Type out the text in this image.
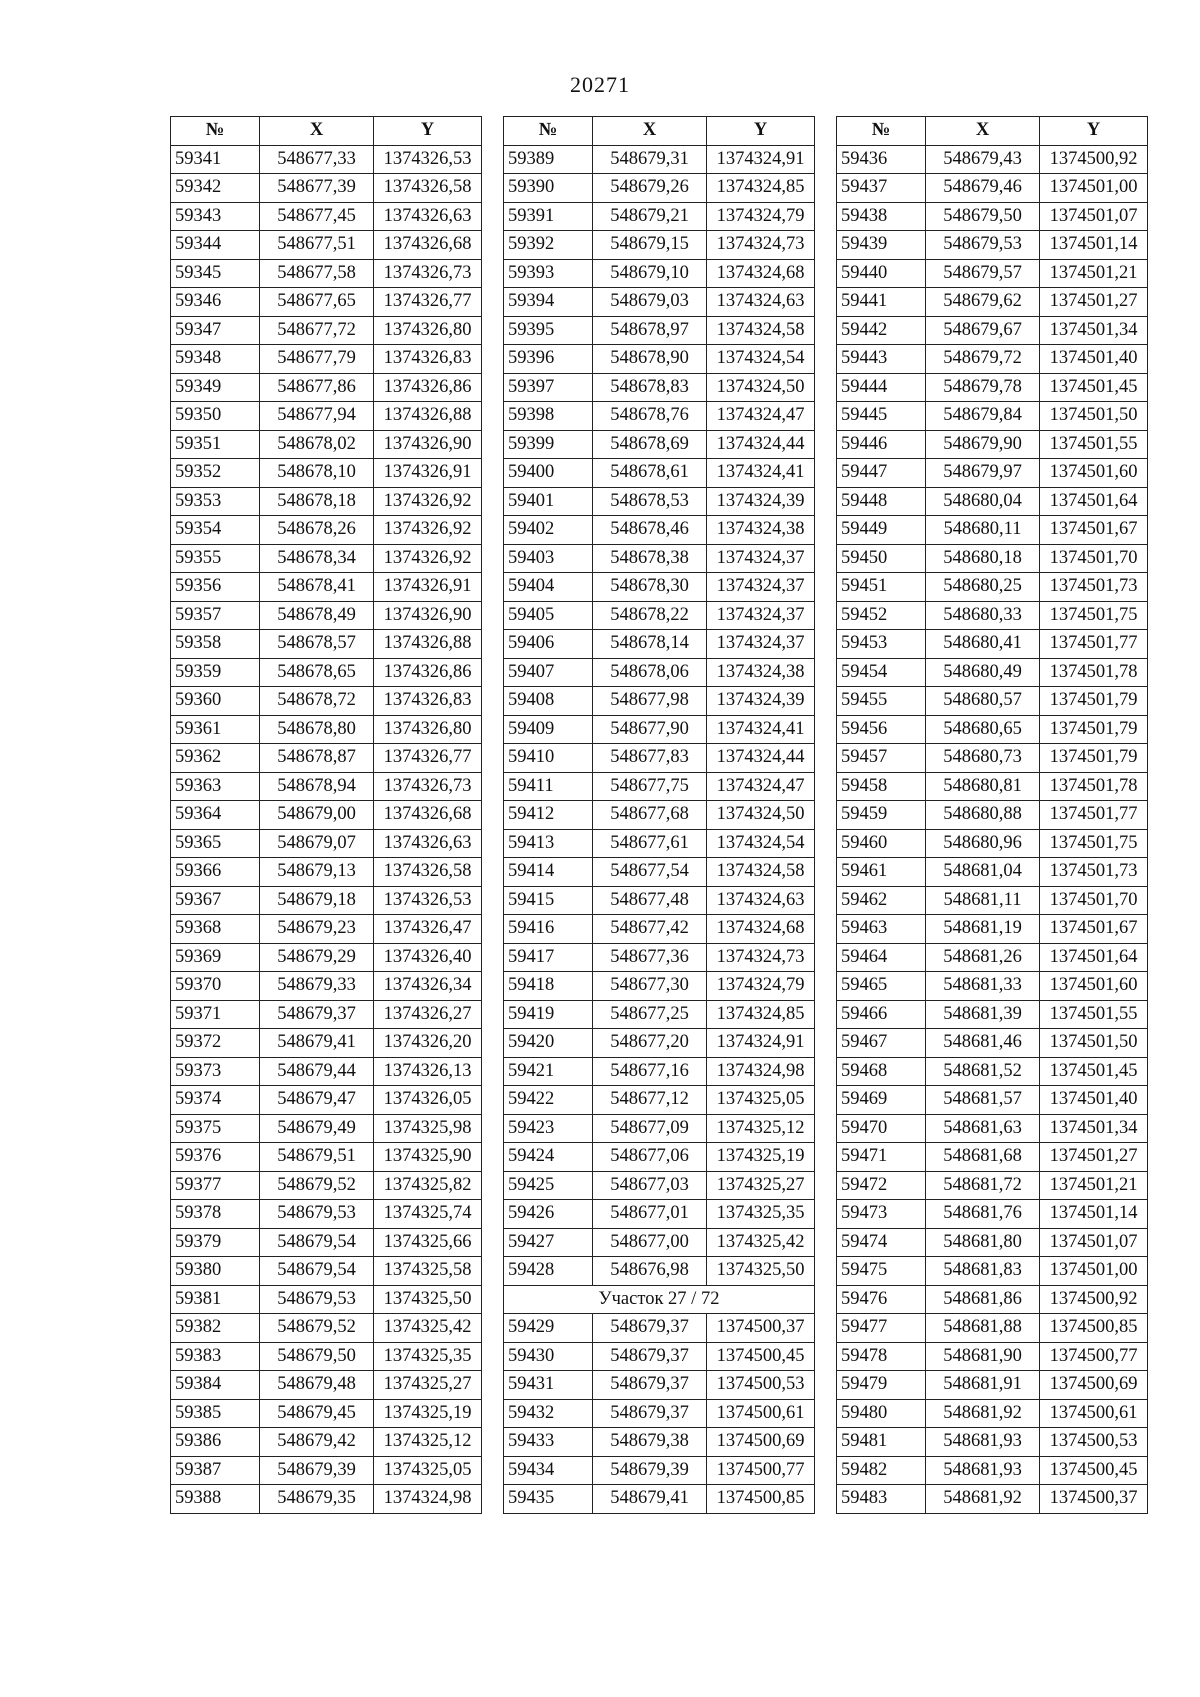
20271
№	X	Y
59341	548677,33	1374326,53
59342	548677,39	1374326,58
59343	548677,45	1374326,63
59344	548677,51	1374326,68
59345	548677,58	1374326,73
59346	548677,65	1374326,77
59347	548677,72	1374326,80
59348	548677,79	1374326,83
59349	548677,86	1374326,86
59350	548677,94	1374326,88
59351	548678,02	1374326,90
59352	548678,10	1374326,91
59353	548678,18	1374326,92
59354	548678,26	1374326,92
59355	548678,34	1374326,92
59356	548678,41	1374326,91
59357	548678,49	1374326,90
59358	548678,57	1374326,88
59359	548678,65	1374326,86
59360	548678,72	1374326,83
59361	548678,80	1374326,80
59362	548678,87	1374326,77
59363	548678,94	1374326,73
59364	548679,00	1374326,68
59365	548679,07	1374326,63
59366	548679,13	1374326,58
59367	548679,18	1374326,53
59368	548679,23	1374326,47
59369	548679,29	1374326,40
59370	548679,33	1374326,34
59371	548679,37	1374326,27
59372	548679,41	1374326,20
59373	548679,44	1374326,13
59374	548679,47	1374326,05
59375	548679,49	1374325,98
59376	548679,51	1374325,90
59377	548679,52	1374325,82
59378	548679,53	1374325,74
59379	548679,54	1374325,66
59380	548679,54	1374325,58
59381	548679,53	1374325,50
59382	548679,52	1374325,42
59383	548679,50	1374325,35
59384	548679,48	1374325,27
59385	548679,45	1374325,19
59386	548679,42	1374325,12
59387	548679,39	1374325,05
59388	548679,35	1374324,98
№	X	Y
59389	548679,31	1374324,91
59390	548679,26	1374324,85
59391	548679,21	1374324,79
59392	548679,15	1374324,73
59393	548679,10	1374324,68
59394	548679,03	1374324,63
59395	548678,97	1374324,58
59396	548678,90	1374324,54
59397	548678,83	1374324,50
59398	548678,76	1374324,47
59399	548678,69	1374324,44
59400	548678,61	1374324,41
59401	548678,53	1374324,39
59402	548678,46	1374324,38
59403	548678,38	1374324,37
59404	548678,30	1374324,37
59405	548678,22	1374324,37
59406	548678,14	1374324,37
59407	548678,06	1374324,38
59408	548677,98	1374324,39
59409	548677,90	1374324,41
59410	548677,83	1374324,44
59411	548677,75	1374324,47
59412	548677,68	1374324,50
59413	548677,61	1374324,54
59414	548677,54	1374324,58
59415	548677,48	1374324,63
59416	548677,42	1374324,68
59417	548677,36	1374324,73
59418	548677,30	1374324,79
59419	548677,25	1374324,85
59420	548677,20	1374324,91
59421	548677,16	1374324,98
59422	548677,12	1374325,05
59423	548677,09	1374325,12
59424	548677,06	1374325,19
59425	548677,03	1374325,27
59426	548677,01	1374325,35
59427	548677,00	1374325,42
59428	548676,98	1374325,50
Участок 27 / 72		
59429	548679,37	1374500,37
59430	548679,37	1374500,45
59431	548679,37	1374500,53
59432	548679,37	1374500,61
59433	548679,38	1374500,69
59434	548679,39	1374500,77
59435	548679,41	1374500,85
№	X	Y
59436	548679,43	1374500,92
59437	548679,46	1374501,00
59438	548679,50	1374501,07
59439	548679,53	1374501,14
59440	548679,57	1374501,21
59441	548679,62	1374501,27
59442	548679,67	1374501,34
59443	548679,72	1374501,40
59444	548679,78	1374501,45
59445	548679,84	1374501,50
59446	548679,90	1374501,55
59447	548679,97	1374501,60
59448	548680,04	1374501,64
59449	548680,11	1374501,67
59450	548680,18	1374501,70
59451	548680,25	1374501,73
59452	548680,33	1374501,75
59453	548680,41	1374501,77
59454	548680,49	1374501,78
59455	548680,57	1374501,79
59456	548680,65	1374501,79
59457	548680,73	1374501,79
59458	548680,81	1374501,78
59459	548680,88	1374501,77
59460	548680,96	1374501,75
59461	548681,04	1374501,73
59462	548681,11	1374501,70
59463	548681,19	1374501,67
59464	548681,26	1374501,64
59465	548681,33	1374501,60
59466	548681,39	1374501,55
59467	548681,46	1374501,50
59468	548681,52	1374501,45
59469	548681,57	1374501,40
59470	548681,63	1374501,34
59471	548681,68	1374501,27
59472	548681,72	1374501,21
59473	548681,76	1374501,14
59474	548681,80	1374501,07
59475	548681,83	1374501,00
59476	548681,86	1374500,92
59477	548681,88	1374500,85
59478	548681,90	1374500,77
59479	548681,91	1374500,69
59480	548681,92	1374500,61
59481	548681,93	1374500,53
59482	548681,93	1374500,45
59483	548681,92	1374500,37
